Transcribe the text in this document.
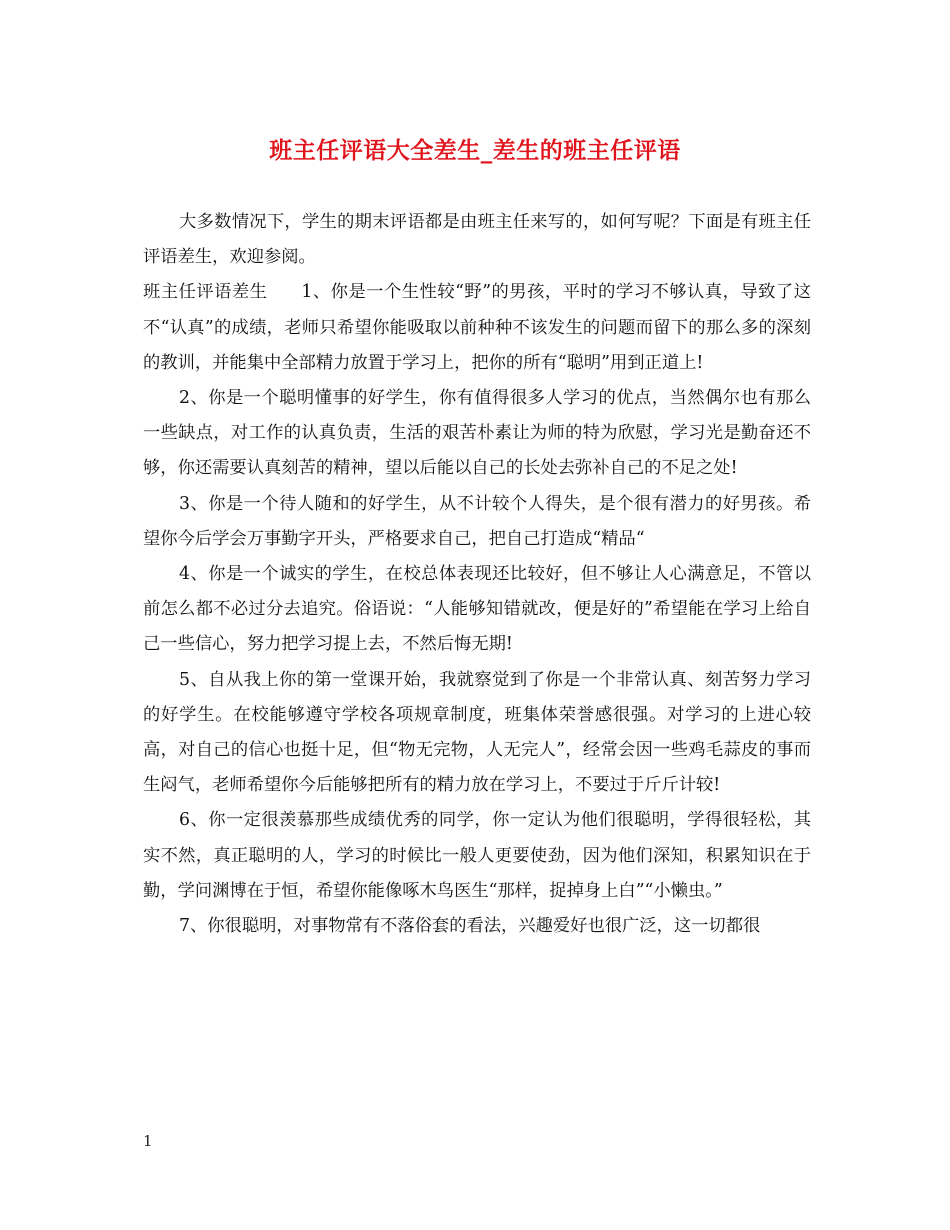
班主任评语大全差生_差生的班主任评语

大多数情况下，学生的期末评语都是由班主任来写的，如何写呢？下面是有班主任评语差生，欢迎参阅。

班主任评语差生 1、你是一个生性较“野”的男孩，平时的学习不够认真，导致了这不“认真”的成绩，老师只希望你能吸取以前种种不该发生的问题而留下的那么多的深刻的教训，并能集中全部精力放置于学习上，把你的所有“聪明”用到正道上!

2、你是一个聪明懂事的好学生，你有值得很多人学习的优点，当然偶尔也有那么一些缺点，对工作的认真负责，生活的艰苦朴素让为师的特为欣慰，学习光是勤奋还不够，你还需要认真刻苦的精神，望以后能以自己的长处去弥补自己的不足之处!

3、你是一个待人随和的好学生，从不计较个人得失，是个很有潜力的好男孩。希望你今后学会万事勤字开头，严格要求自己，把自己打造成“精品“

4、你是一个诚实的学生，在校总体表现还比较好，但不够让人心满意足，不管以前怎么都不必过分去追究。俗语说：“人能够知错就改，便是好的”希望能在学习上给自己一些信心，努力把学习提上去，不然后悔无期!

5、自从我上你的第一堂课开始，我就察觉到了你是一个非常认真、刻苦努力学习的好学生。在校能够遵守学校各项规章制度，班集体荣誉感很强。对学习的上进心较高，对自己的信心也挺十足，但“物无完物，人无完人”，经常会因一些鸡毛蒜皮的事而生闷气，老师希望你今后能够把所有的精力放在学习上，不要过于斤斤计较!

6、你一定很羡慕那些成绩优秀的同学，你一定认为他们很聪明，学得很轻松，其实不然，真正聪明的人，学习的时候比一般人更要使劲，因为他们深知，积累知识在于勤，学问渊博在于恒，希望你能像啄木鸟医生“那样，捉掉身上白”“小懒虫。”

7、你很聪明，对事物常有不落俗套的看法，兴趣爱好也很广泛，这一切都很

1
